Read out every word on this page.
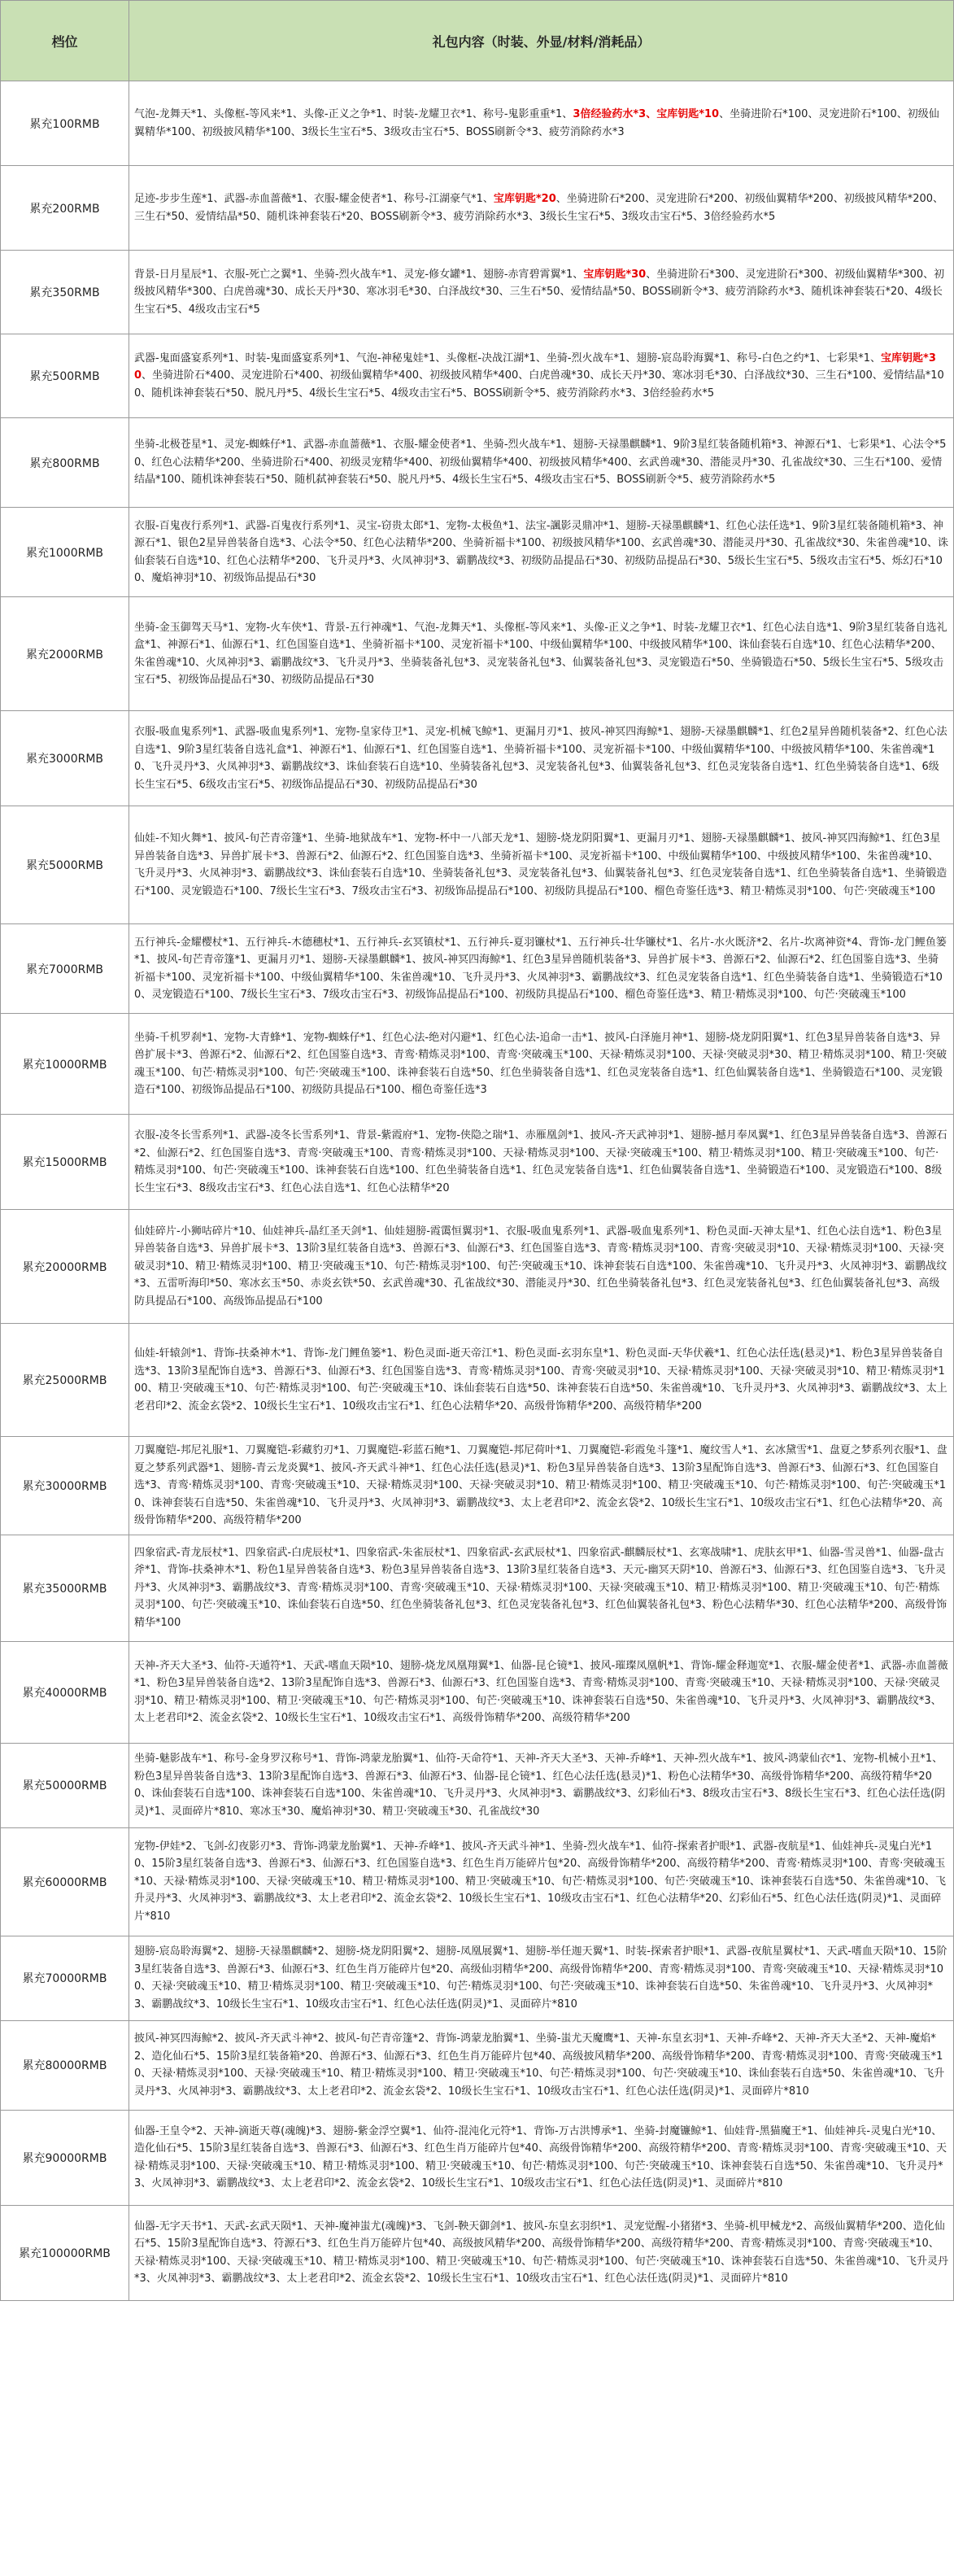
档位	礼包内容（时装、外显/材料/消耗品）
累充100RMB	气泡-龙舞天*1、头像框-等风来*1、头像-正义之争*1、时装-龙耀卫衣*1、称号-鬼影重重*1、3倍经验药水*3、宝库钥匙*10、坐骑进阶石*100、灵宠进阶石*100、初级仙翼精华*100、初级披风精华*100、3级长生宝石*5、3级攻击宝石*5、BOSS刷新令*3、疲劳消除药水*3
累充200RMB	足迹-步步生莲*1、武器-赤血蔷薇*1、衣服-耀金使者*1、称号-江湖豪气*1、宝库钥匙*20、坐骑进阶石*200、灵宠进阶石*200、初级仙翼精华*200、初级披风精华*200、三生石*50、爱情结晶*50、随机诛神套装石*20、BOSS刷新令*3、疲劳消除药水*3、3级长生宝石*5、3级攻击宝石*5、3倍经验药水*5
累充350RMB	背景-日月星辰*1、衣服-死亡之翼*1、坐骑-烈火战车*1、灵宠-修女罐*1、翅膀-赤宵碧霄翼*1、宝库钥匙*30、坐骑进阶石*300、灵宠进阶石*300、初级仙翼精华*300、初级披风精华*300、白虎兽魂*30、成长天丹*30、寒冰羽毛*30、白泽战纹*30、三生石*50、爱情结晶*50、BOSS刷新令*3、疲劳消除药水*3、随机诛神套装石*20、4级长生宝石*5、4级攻击宝石*5
累充500RMB	武器-鬼面盛宴系列*1、时装-鬼面盛宴系列*1、气泡-神秘鬼娃*1、头像框-决战江湖*1、坐骑-烈火战车*1、翅膀-宸岛聆海翼*1、称号-白色之约*1、七彩果*1、宝库钥匙*30、坐骑进阶石*400、灵宠进阶石*400、初级仙翼精华*400、初级披风精华*400、白虎兽魂*30、成长天丹*30、寒冰羽毛*30、白泽战纹*30、三生石*100、爱情结晶*100、随机诛神套装石*50、脱凡丹*5、4级长生宝石*5、4级攻击宝石*5、BOSS刷新令*5、疲劳消除药水*3、3倍经验药水*5
累充800RMB	坐骑-北极苍星*1、灵宠-蜘蛛仔*1、武器-赤血蔷薇*1、衣服-耀金使者*1、坐骑-烈火战车*1、翅膀-天禄墨麒麟*1、9阶3星红装备随机箱*3、神源石*1、七彩果*1、心法令*50、红色心法精华*200、坐骑进阶石*400、初级灵宠精华*400、初级仙翼精华*400、初级披风精华*400、玄武兽魂*30、潜能灵丹*30、孔雀战纹*30、三生石*100、爱情结晶*100、随机诛神套装石*50、随机弑神套装石*50、脱凡丹*5、4级长生宝石*5、4级攻击宝石*5、BOSS刷新令*5、疲劳消除药水*5
累充1000RMB	衣服-百鬼夜行系列*1、武器-百鬼夜行系列*1、灵宝-窃贵太郎*1、宠物-太极鱼*1、法宝-諷影灵鼎冲*1、翅膀-天禄墨麒麟*1、红色心法任选*1、9阶3星红装备随机箱*3、神源石*1、银色2星异兽装备自选*3、心法令*50、红色心法精华*200、坐骑祈福卡*100、初级披风精华*100、玄武兽魂*30、潜能灵丹*30、孔雀战纹*30、朱雀兽魂*10、诛仙套装石自选*10、红色心法精华*200、飞升灵丹*3、火凤神羽*3、霸鹏战纹*3、初级防品提品石*30、初级防品提品石*30、5级长生宝石*5、5级攻击宝石*5、烁幻石*100、魔焰神羽*10、初级饰品提品石*30
累充2000RMB	坐骑-金玉御驾天马*1、宠物-火车侠*1、背景-五行神魂*1、气泡-龙舞天*1、头像框-等风来*1、头像-正义之争*1、时装-龙耀卫衣*1、红色心法自选*1、9阶3星红装备自选礼盒*1、神源石*1、仙源石*1、红色国鉴自选*1、坐骑祈福卡*100、灵宠祈福卡*100、中级仙翼精华*100、中级披风精华*100、诛仙套装石自选*10、红色心法精华*200、朱雀兽魂*10、火凤神羽*3、霸鹏战纹*3、飞升灵丹*3、坐骑装备礼包*3、灵宠装备礼包*3、仙翼装备礼包*3、灵宠锻造石*50、坐骑锻造石*50、5级长生宝石*5、5级攻击宝石*5、初级饰品提品石*30、初级防品提品石*30
累充3000RMB	衣服-吸血鬼系列*1、武器-吸血鬼系列*1、宠物-皇家侍卫*1、灵宠-机械飞鲸*1、更漏月刃*1、披风-神冥四海鲸*1、翅膀-天禄墨麒麟*1、红色2星异兽随机装备*2、红色心法自选*1、9阶3星红装备自选礼盒*1、神源石*1、仙源石*1、红色国鉴自选*1、坐骑祈福卡*100、灵宠祈福卡*100、中级仙翼精华*100、中级披风精华*100、朱雀兽魂*10、飞升灵丹*3、火凤神羽*3、霸鹏战纹*3、诛仙套装石自选*10、坐骑装备礼包*3、灵宠装备礼包*3、仙翼装备礼包*3、红色灵宠装备自选*1、红色坐骑装备自选*1、6级长生宝石*5、6级攻击宝石*5、初级饰品提品石*30、初级防品提品石*30
累充5000RMB	仙娃-不知火舞*1、披风-旬芒青帝篷*1、坐骑-地狱战车*1、宠物-杯中一八部天龙*1、翅膀-烧龙阴阳翼*1、更漏月刃*1、翅膀-天禄墨麒麟*1、披风-神冥四海鲸*1、红色3星异兽装备自选*3、异兽扩展卡*3、兽源石*2、仙源石*2、红色国鉴自选*3、坐骑祈福卡*100、灵宠祈福卡*100、中级仙翼精华*100、中级披风精华*100、朱雀兽魂*10、飞升灵丹*3、火凤神羽*3、霸鹏战纹*3、诛仙套装石自选*10、坐骑装备礼包*3、灵宠装备礼包*3、仙翼装备礼包*3、红色灵宠装备自选*1、红色坐骑装备自选*1、坐骑锻造石*100、灵宠锻造石*100、7级长生宝石*3、7级攻击宝石*3、初级饰品提品石*100、初级防具提品石*100、榴色奇鉴任选*3、精卫·精炼灵羽*100、句芒·突破魂玉*100
累充7000RMB	五行神兵-金耀樱杖*1、五行神兵-木德穗杖*1、五行神兵-玄冥镇杖*1、五行神兵-夏羽镰杖*1、五行神兵-壮华镰杖*1、名片-水火既济*2、名片-坎离神资*4、背饰-龙门鲤鱼篓*1、披风-旬芒青帝篷*1、更漏月刃*1、翅膀-天禄墨麒麟*1、披风-神冥四海鲸*1、红色3星异兽随机装备*3、异兽扩展卡*3、兽源石*2、仙源石*2、红色国鉴自选*3、坐骑祈福卡*100、灵宠祈福卡*100、中级仙翼精华*100、朱雀兽魂*10、飞升灵丹*3、火凤神羽*3、霸鹏战纹*3、红色灵宠装备自选*1、红色坐骑装备自选*1、坐骑锻造石*100、灵宠锻造石*100、7级长生宝石*3、7级攻击宝石*3、初级饰品提品石*100、初级防具提品石*100、榴色奇鉴任选*3、精卫·精炼灵羽*100、句芒·突破魂玉*100
累充10000RMB	坐骑-千机罗刹*1、宠物-大青蜂*1、宠物-蜘蛛仔*1、红色心法-绝对闪避*1、红色心法-追命一击*1、披风-白泽施月神*1、翅膀-烧龙阴阳翼*1、红色3星异兽装备自选*3、异兽扩展卡*3、兽源石*2、仙源石*2、红色国鉴自选*3、青鸾·精炼灵羽*100、青鸾·突破魂玉*100、天禄·精炼灵羽*100、天禄·突破灵羽*30、精卫·精炼灵羽*100、精卫·突破魂玉*100、旬芒·精炼灵羽*100、旬芒·突破魂玉*100、诛神套装石自选*50、红色坐骑装备自选*1、红色灵宠装备自选*1、红色仙翼装备自选*1、坐骑锻造石*100、灵宠锻造石*100、初级饰品提品石*100、初级防具提品石*100、榴色奇鉴任选*3
累充15000RMB	衣服-凌冬长雪系列*1、武器-凌冬长雪系列*1、背景-紫霞府*1、宠物-侠隐之瑞*1、赤雁凰剑*1、披风-齐天武神羽*1、翅膀-撼月奉凤翼*1、红色3星异兽装备自选*3、兽源石*2、仙源石*2、红色国鉴自选*3、青鸾·突破魂玉*100、青鸾·精炼灵羽*100、天禄·精炼灵羽*100、天禄·突破魂玉*100、精卫·精炼灵羽*100、精卫·突破魂玉*100、旬芒·精炼灵羽*100、旬芒·突破魂玉*100、诛神套装石自选*100、红色坐骑装备自选*1、红色灵宠装备自选*1、红色仙翼装备自选*1、坐骑锻造石*100、灵宠锻造石*100、8级长生宝石*3、8级攻击宝石*3、红色心法自选*1、红色心法精华*20
累充20000RMB	仙娃碎片-小狮咕碎片*10、仙娃神兵-晶红圣天剑*1、仙娃翅膀-霞霭恒翼羽*1、衣服-吸血鬼系列*1、武器-吸血鬼系列*1、粉色灵面-天神太星*1、红色心法自选*1、粉色3星异兽装备自选*3、异兽扩展卡*3、13阶3星红装备自选*3、兽源石*3、仙源石*3、红色国鉴自选*3、青鸾·精炼灵羽*100、青鸾·突破灵羽*10、天禄·精炼灵羽*100、天禄·突破灵羽*10、精卫·精炼灵羽*100、精卫·突破魂玉*10、句芒·精炼灵羽*100、旬芒·突破魂玉*10、诛神套装石自选*100、朱雀兽魂*10、飞升灵丹*3、火凤神羽*3、霸鹏战纹*3、五雷听海印*50、寒冰玄玉*50、赤炎玄铁*50、玄武兽魂*30、孔雀战纹*30、潜能灵丹*30、红色坐骑装备礼包*3、红色灵宠装备礼包*3、红色仙翼装备礼包*3、高级防具提品石*100、高级饰品提品石*100
累充25000RMB	仙娃-轩辕剑*1、背饰-扶桑神木*1、背饰-龙门鲤鱼篓*1、粉色灵面-逝天帝江*1、粉色灵面-玄羽东皇*1、粉色灵面-天华伏羲*1、红色心法任选(悬灵)*1、粉色3星异兽装备自选*3、13阶3星配饰自选*3、兽源石*3、仙源石*3、红色国鉴自选*3、青鸾·精炼灵羽*100、青鸾·突破灵羽*10、天禄·精炼灵羽*100、天禄·突破灵羽*10、精卫·精炼灵羽*100、精卫·突破魂玉*10、句芒·精炼灵羽*100、旬芒·突破魂玉*10、诛仙套装石自选*50、诛神套装石自选*50、朱雀兽魂*10、飞升灵丹*3、火凤神羽*3、霸鹏战纹*3、太上老君印*2、流金玄袋*2、10级长生宝石*1、10级攻击宝石*1、红色心法精华*20、高级骨饰精华*200、高级符精华*200
累充30000RMB	刀翼魔铠-邦尼礼服*1、刀翼魔铠-彩藏豹刃*1、刀翼魔铠-彩蓝石鲍*1、刀翼魔铠-邦尼荷叶*1、刀翼魔铠-彩霞兔斗篷*1、魔纹雪人*1、玄冰黛雪*1、盘夏之梦系列衣服*1、盘夏之梦系列武器*1、翅膀-青云龙炎翼*1、披风-齐天武斗神*1、红色心法任选(悬灵)*1、粉色3星异兽装备自选*3、13阶3星配饰自选*3、兽源石*3、仙源石*3、红色国鉴自选*3、青鸾·精炼灵羽*100、青鸾·突破魂玉*10、天禄·精炼灵羽*100、天禄·突破灵羽*10、精卫·精炼灵羽*100、精卫·突破魂玉*10、句芒·精炼灵羽*100、旬芒·突破魂玉*10、诛神套装石自选*50、朱雀兽魂*10、飞升灵丹*3、火凤神羽*3、霸鹏战纹*3、太上老君印*2、流金玄袋*2、10级长生宝石*1、10级攻击宝石*1、红色心法精华*20、高级骨饰精华*200、高级符精华*200
累充35000RMB	四象宿武-青龙辰杖*1、四象宿武-白虎辰杖*1、四象宿武-朱雀辰杖*1、四象宿武-玄武辰杖*1、四象宿武-麒麟辰杖*1、玄寒战啸*1、虎肤玄甲*1、仙器-雪灵兽*1、仙器-盘古斧*1、背饰-扶桑神木*1、粉色1星异兽装备自选*3、粉色3星异兽装备自选*3、13阶3星红装备自选*3、天元-幽冥天阴*10、兽源石*3、仙源石*3、红色国鉴自选*3、飞升灵丹*3、火凤神羽*3、霸鹏战纹*3、青鸾·精炼灵羽*100、青鸾·突破魂玉*10、天禄·精炼灵羽*100、天禄·突破魂玉*10、精卫·精炼灵羽*100、精卫·突破魂玉*10、旬芒·精炼灵羽*100、句芒·突破魂玉*10、诛仙套装石自选*50、红色坐骑装备礼包*3、红色灵宠装备礼包*3、红色仙翼装备礼包*3、粉色心法精华*30、红色心法精华*200、高级骨饰精华*100
累充40000RMB	天神-齐天大圣*3、仙符-天遁符*1、天武-嗜血天陨*10、翅膀-烧龙凤凰翔翼*1、仙器-昆仑镜*1、披风-璀璨凤凰帆*1、背饰-耀金释迦宽*1、衣服-耀金使者*1、武器-赤血蔷薇*1、粉色3星异兽装备自选*2、13阶3星配饰自选*3、兽源石*3、仙源石*3、红色国鉴自选*3、青鸾·精炼灵羽*100、青鸾·突破魂玉*10、天禄·精炼灵羽*100、天禄·突破灵羽*10、精卫·精炼灵羽*100、精卫·突破魂玉*10、句芒·精炼灵羽*100、旬芒·突破魂玉*10、诛神套装石自选*50、朱雀兽魂*10、飞升灵丹*3、火凤神羽*3、霸鹏战纹*3、太上老君印*2、流金玄袋*2、10级长生宝石*1、10级攻击宝石*1、高级骨饰精华*200、高级符精华*200
累充50000RMB	坐骑-魅影战车*1、称号-金身罗汉称号*1、背饰-鸿蒙龙胎翼*1、仙符-天命符*1、天神-齐天大圣*3、天神-乔峰*1、天神-烈火战车*1、披风-鸿蒙仙衣*1、宠物-机械小丑*1、粉色3星异兽装备自选*3、13阶3星配饰自选*3、兽源石*3、仙源石*3、仙器-昆仑镜*1、红色心法任选(悬灵)*1、粉色心法精华*30、高级骨饰精华*200、高级符精华*200、诛仙套装石自选*100、诛神套装石自选*100、朱雀兽魂*10、飞升灵丹*3、火凤神羽*3、霸鹏战纹*3、幻彩仙石*3、8级攻击宝石*3、8级长生宝石*3、红色心法任选(阴灵)*1、灵面碎片*810、寒冰玉*30、魔焰神羽*30、精卫·突破魂玉*30、孔雀战纹*30
累充60000RMB	宠物-伊娃*2、飞剑-幻夜影刃*3、背饰-鸿蒙龙胎翼*1、天神-乔峰*1、披风-齐天武斗神*1、坐骑-烈火战车*1、仙符-探索者护眼*1、武器-夜航星*1、仙娃神兵-灵鬼白光*10、15阶3星红装备自选*3、兽源石*3、仙源石*3、红色国鉴自选*3、红色生肖万能碎片包*20、高级骨饰精华*200、高级符精华*200、青鸾·精炼灵羽*100、青鸾·突破魂玉*10、天禄·精炼灵羽*100、天禄·突破魂玉*10、精卫·精炼灵羽*100、精卫·突破魂玉*10、旬芒·精炼灵羽*100、旬芒·突破魂玉*10、诛神套装石自选*50、朱雀兽魂*10、飞升灵丹*3、火凤神羽*3、霸鹏战纹*3、太上老君印*2、流金玄袋*2、10级长生宝石*1、10级攻击宝石*1、红色心法精华*20、幻彩仙石*5、红色心法任选(阴灵)*1、灵面碎片*810
累充70000RMB	翅膀-宸岛聆海翼*2、翅膀-天禄墨麒麟*2、翅膀-烧龙阴阳翼*2、翅膀-凤凰展翼*1、翅膀-举任迦天翼*1、时装-探索者护眼*1、武器-夜航星翼杖*1、天武-嗜血天陨*10、15阶3星红装备自选*3、兽源石*3、仙源石*3、红色生肖万能碎片包*20、高级仙羽精华*200、高级骨饰精华*200、青鸾·精炼灵羽*100、青鸾·突破魂玉*10、天禄·精炼灵羽*100、天禄·突破魂玉*10、精卫·精炼灵羽*100、精卫·突破魂玉*10、句芒·精炼灵羽*100、句芒·突破魂玉*10、诛神套装石自选*50、朱雀兽魂*10、飞升灵丹*3、火凤神羽*3、霸鹏战纹*3、10级长生宝石*1、10级攻击宝石*1、红色心法任选(阴灵)*1、灵面碎片*810
累充80000RMB	披风-神冥四海鲸*2、披风-齐天武斗神*2、披风-旬芒青帝篷*2、背饰-鸿蒙龙胎翼*1、坐骑-蚩尤天魔鹰*1、天神-东皇玄羽*1、天神-乔峰*2、天神-齐天大圣*2、天神-魔焰*2、造化仙石*5、15阶3星红装备箱*20、兽源石*3、仙源石*3、红色生肖万能碎片包*40、高级披风精华*200、高级骨饰精华*200、青鸾·精炼灵羽*100、青鸾·突破魂玉*10、天禄·精炼灵羽*100、天禄·突破魂玉*10、精卫·精炼灵羽*100、精卫·突破魂玉*10、句芒·精炼灵羽*100、句芒·突破魂玉*10、诛仙套装石自选*50、朱雀兽魂*10、飞升灵丹*3、火凤神羽*3、霸鹏战纹*3、太上老君印*2、流金玄袋*2、10级长生宝石*1、10级攻击宝石*1、红色心法任选(阴灵)*1、灵面碎片*810
累充90000RMB	仙器-王皇令*2、天神-滴逝天尊(魂魄)*3、翅膀-紫金浮空翼*1、仙符-混沌化元符*1、背饰-万古洪博承*1、坐骑-封魔镰鲸*1、仙娃背-黑猫魔王*1、仙娃神兵-灵鬼白光*10、造化仙石*5、15阶3星红装备自选*3、兽源石*3、仙源石*3、红色生肖万能碎片包*40、高级骨饰精华*200、高级符精华*200、青鸾·精炼灵羽*100、青鸾·突破魂玉*10、天禄·精炼灵羽*100、天禄·突破魂玉*10、精卫·精炼灵羽*100、精卫·突破魂玉*10、旬芒·精炼灵羽*100、句芒·突破魂玉*10、诛神套装石自选*50、朱雀兽魂*10、飞升灵丹*3、火凤神羽*3、霸鹏战纹*3、太上老君印*2、流金玄袋*2、10级长生宝石*1、10级攻击宝石*1、红色心法任选(阴灵)*1、灵面碎片*810
累充100000RMB	仙器-无字天书*1、天武-玄武天陨*1、天神-魔神蚩尤(魂魄)*3、飞剑-鞅天御剑*1、披风-东皇玄羽织*1、灵宠觉醒-小猪猪*3、坐骑-机甲械龙*2、高级仙翼精华*200、造化仙石*5、15阶3星配饰自选*3、符源石*3、红色生肖万能碎片包*40、高级披风精华*200、高级骨饰精华*200、高级符精华*200、青鸾·精炼灵羽*100、青鸾·突破魂玉*10、天禄·精炼灵羽*100、天禄·突破魂玉*10、精卫·精炼灵羽*100、精卫·突破魂玉*10、旬芒·精炼灵羽*100、旬芒·突破魂玉*10、诛神套装石自选*50、朱雀兽魂*10、飞升灵丹*3、火凤神羽*3、霸鹏战纹*3、太上老君印*2、流金玄袋*2、10级长生宝石*1、10级攻击宝石*1、红色心法任选(阴灵)*1、灵面碎片*810
